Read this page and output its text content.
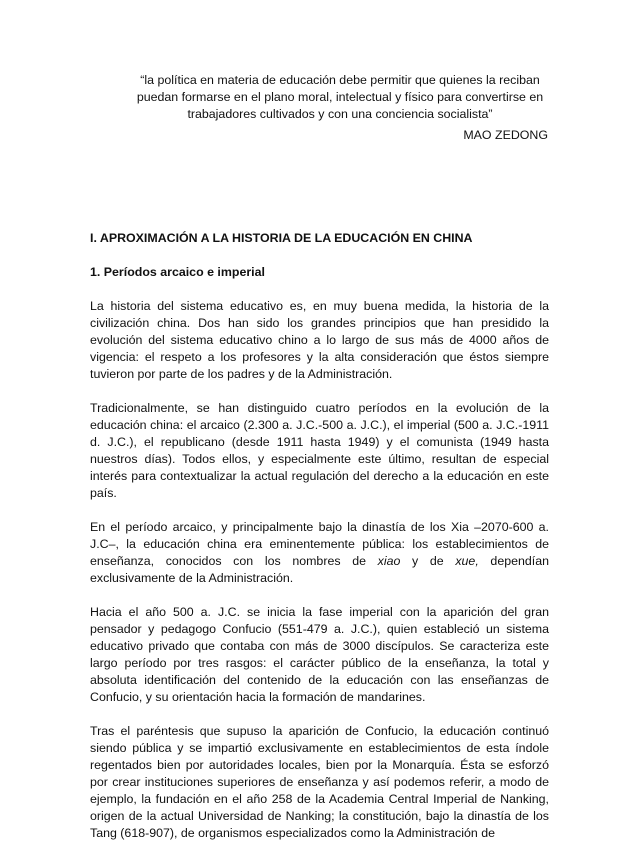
“la política en materia de educación debe permitir que quienes la reciban puedan formarse en el plano moral, intelectual y físico para convertirse en trabajadores cultivados y con una conciencia socialista”
MAO ZEDONG
I. APROXIMACIÓN A LA HISTORIA DE LA EDUCACIÓN EN CHINA
1. Períodos arcaico e imperial

La historia del sistema educativo es, en muy buena medida, la historia de la civilización china. Dos han sido los grandes principios que han presidido la evolución del sistema educativo chino a lo largo de sus más de 4000 años de vigencia: el respeto a los profesores y la alta consideración que éstos siempre tuvieron por parte de los padres y de la Administración.

Tradicionalmente, se han distinguido cuatro períodos en la evolución de la educación china: el arcaico (2.300 a. J.C.-500 a. J.C.), el imperial (500 a. J.C.-1911 d. J.C.), el republicano (desde 1911 hasta 1949) y el comunista (1949 hasta nuestros días). Todos ellos, y especialmente este último, resultan de especial interés para contextualizar la actual regulación del derecho a la educación en este país.

En el período arcaico, y principalmente bajo la dinastía de los Xia –2070-600 a. J.C–, la educación china era eminentemente pública: los establecimientos de enseñanza, conocidos con los nombres de xiao y de xue, dependían exclusivamente de la Administración.

Hacia el año 500 a. J.C. se inicia la fase imperial con la aparición del gran pensador y pedagogo Confucio (551-479 a. J.C.), quien estableció un sistema educativo privado que contaba con más de 3000 discípulos. Se caracteriza este largo período por tres rasgos: el carácter público de la enseñanza, la total y absoluta identificación del contenido de la educación con las enseñanzas de Confucio, y su orientación hacia la formación de mandarines.

Tras el paréntesis que supuso la aparición de Confucio, la educación continuó siendo pública y se impartió exclusivamente en establecimientos de esta índole regentados bien por autoridades locales, bien por la Monarquía. Ésta se esforzó por crear instituciones superiores de enseñanza y así podemos referir, a modo de ejemplo, la fundación en el año 258 de la Academia Central Imperial de Nanking, origen de la actual Universidad de Nanking; la constitución, bajo la dinastía de los Tang (618-907), de organismos especializados como la Administración de
